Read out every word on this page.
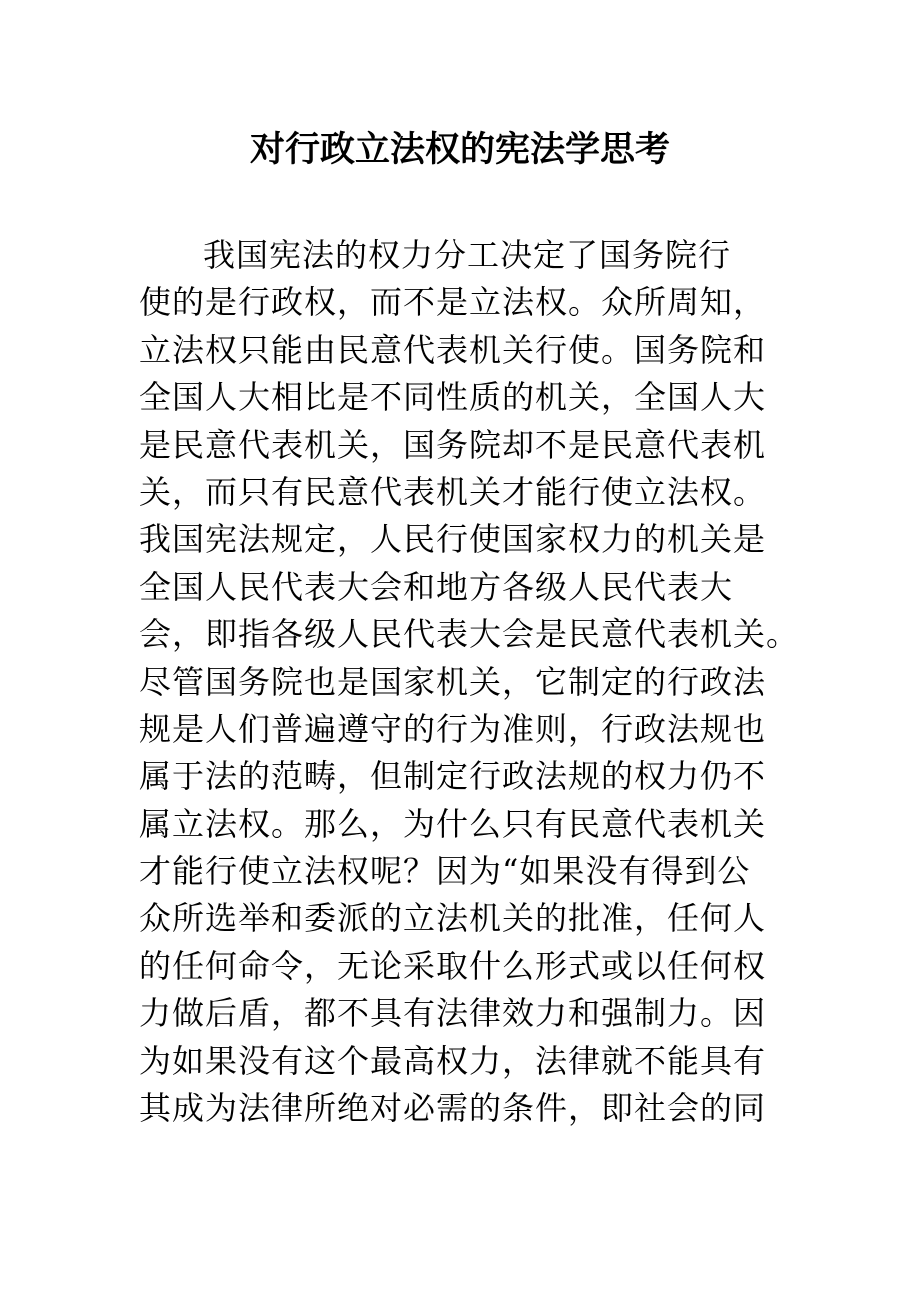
对行政立法权的宪法学思考
我国宪法的权力分工决定了国务院行
使的是行政权，而不是立法权。众所周知，
立法权只能由民意代表机关行使。国务院和
全国人大相比是不同性质的机关，全国人大
是民意代表机关，国务院却不是民意代表机
关，而只有民意代表机关才能行使立法权。
我国宪法规定，人民行使国家权力的机关是
全国人民代表大会和地方各级人民代表大
会，即指各级人民代表大会是民意代表机关。
尽管国务院也是国家机关，它制定的行政法
规是人们普遍遵守的行为准则，行政法规也
属于法的范畴，但制定行政法规的权力仍不
属立法权。那么，为什么只有民意代表机关
才能行使立法权呢？因为“如果没有得到公
众所选举和委派的立法机关的批准，任何人
的任何命令，无论采取什么形式或以任何权
力做后盾，都不具有法律效力和强制力。因
为如果没有这个最高权力，法律就不能具有
其成为法律所绝对必需的条件，即社会的同
